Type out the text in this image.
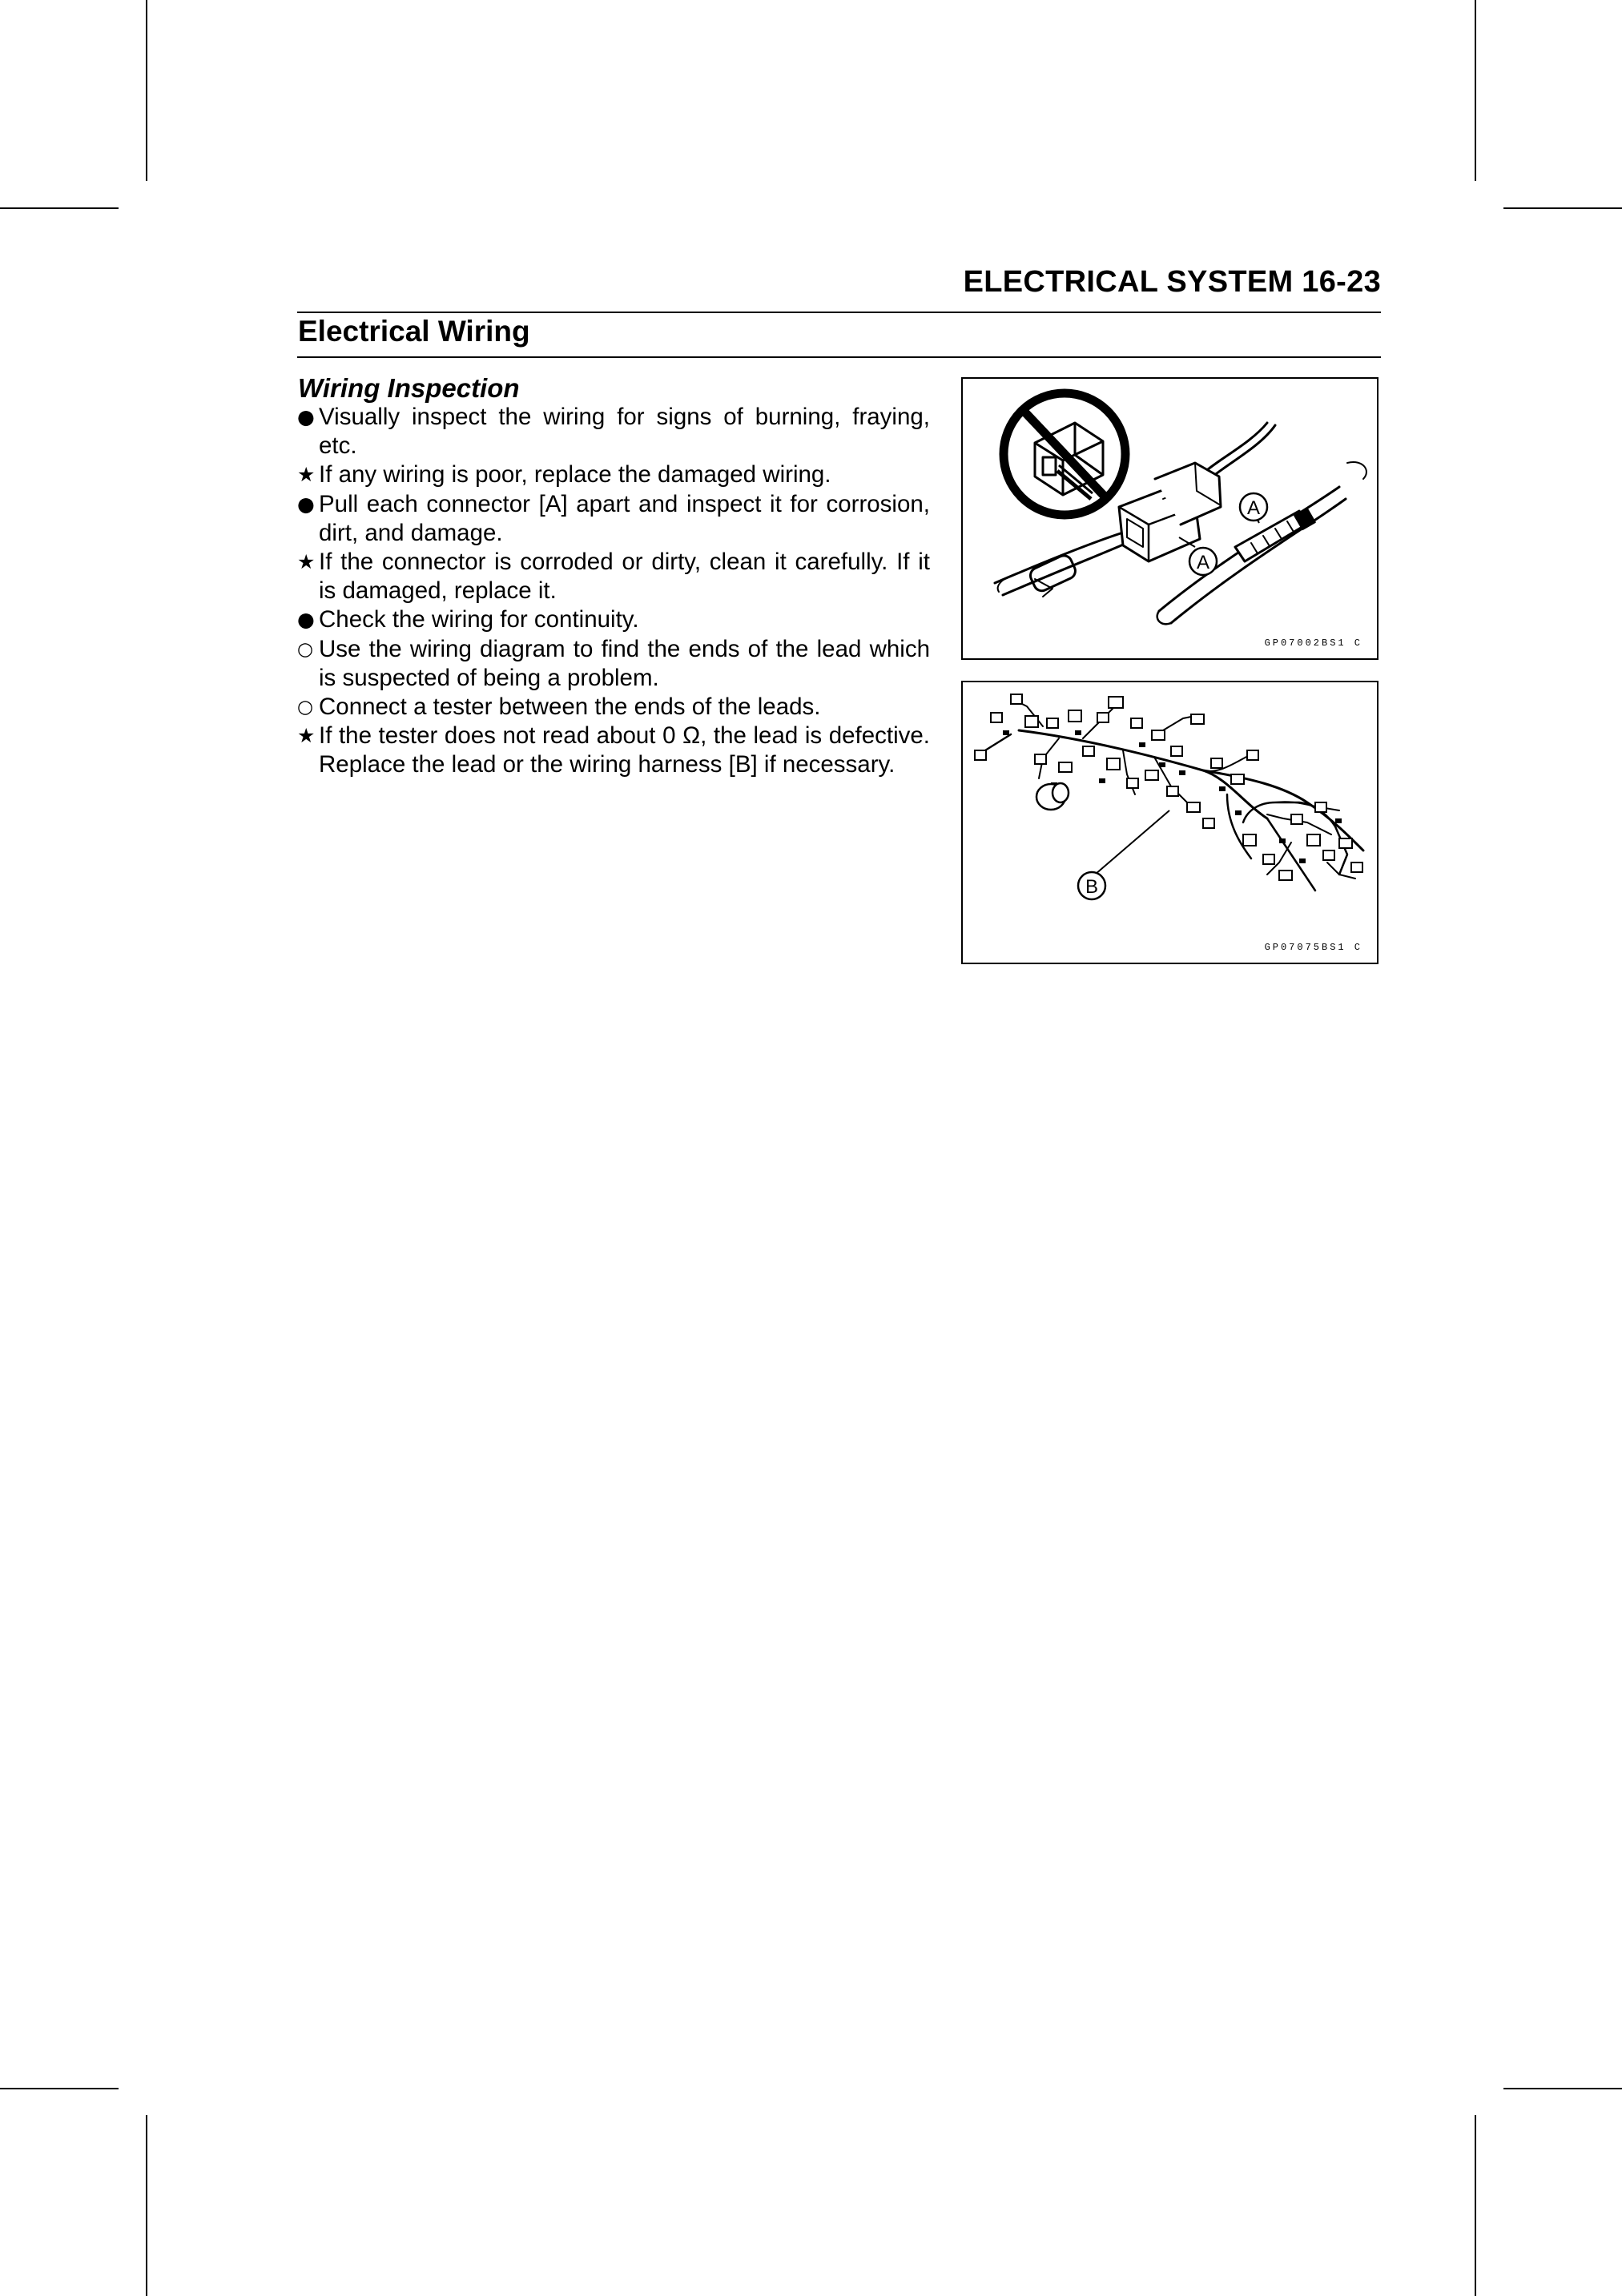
ELECTRICAL SYSTEM 16-23
Electrical Wiring
Wiring Inspection
● Visually inspect the wiring for signs of burning, fraying, etc.
★ If any wiring is poor, replace the damaged wiring.
● Pull each connector [A] apart and inspect it for corrosion, dirt, and damage.
★ If the connector is corroded or dirty, clean it carefully. If it is damaged, replace it.
● Check the wiring for continuity.
○ Use the wiring diagram to find the ends of the lead which is suspected of being a problem.
○ Connect a tester between the ends of the leads.
★ If the tester does not read about 0 Ω, the lead is defective. Replace the lead or the wiring harness [B] if necessary.
A
A
GP07002BS1 C
B
GP07075BS1 C
